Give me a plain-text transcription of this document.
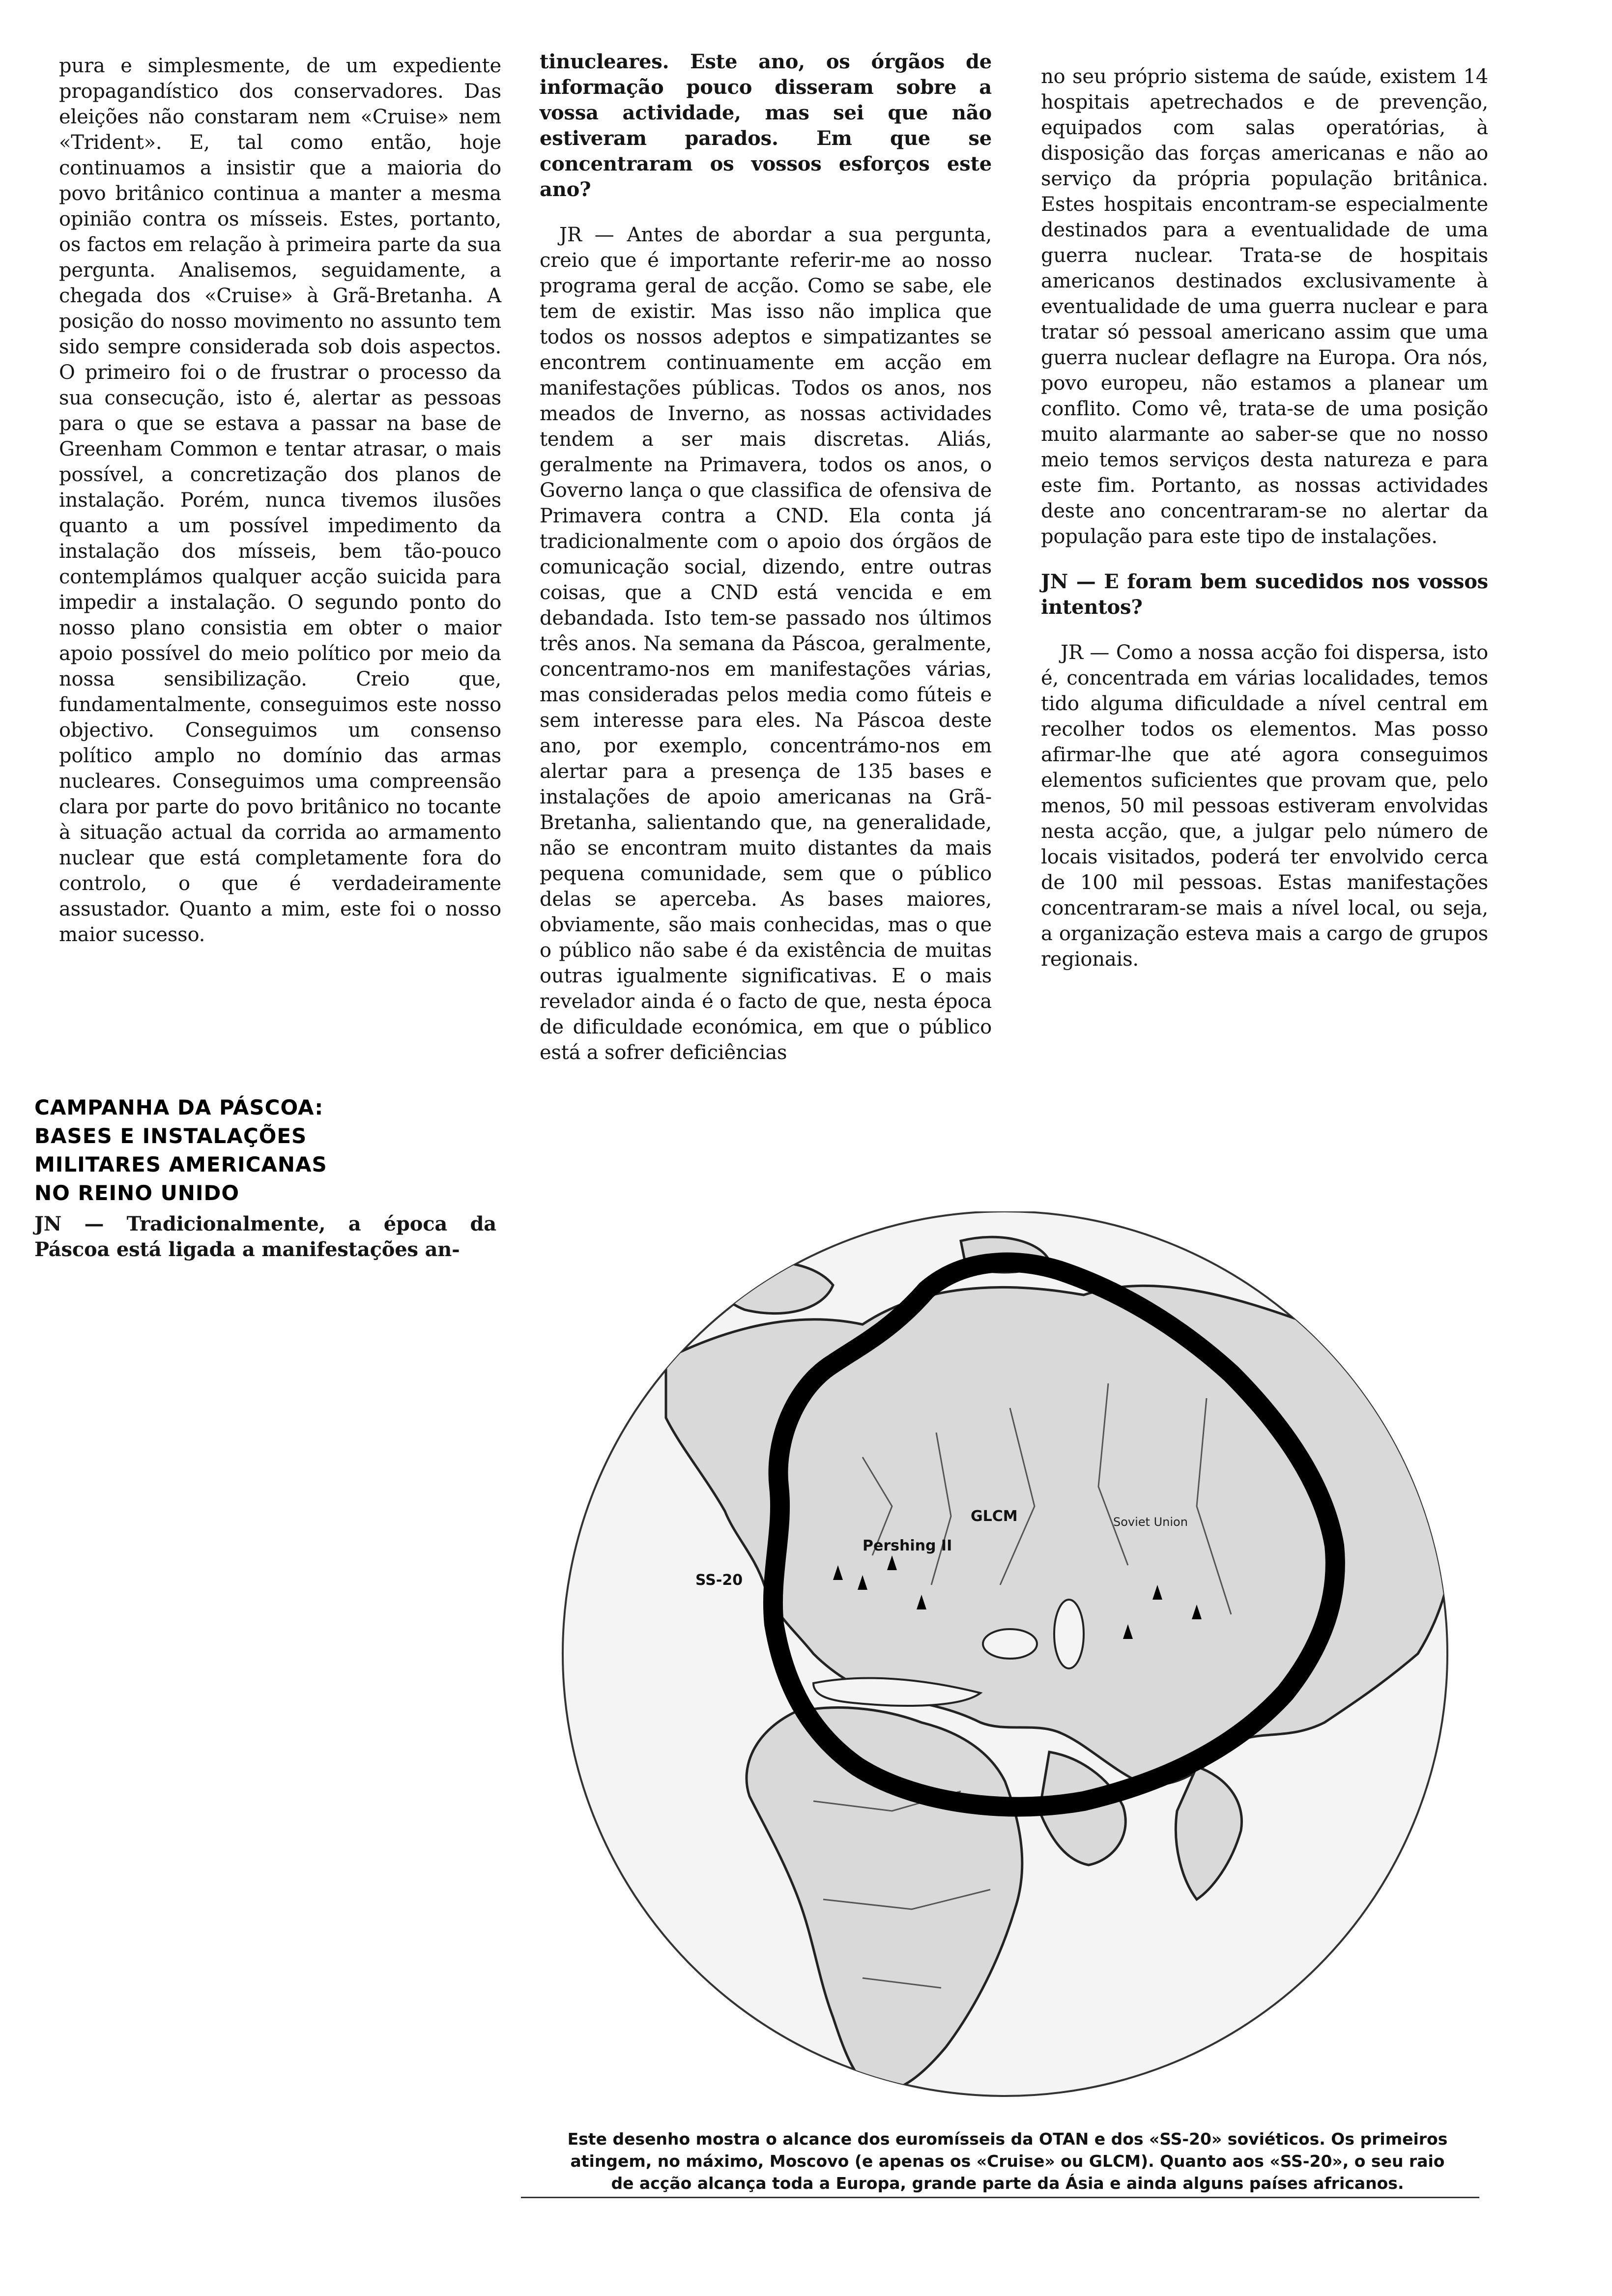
pura e simplesmente, de um expediente propagandístico dos conservadores. Das eleições não constaram nem «Cruise» nem «Trident». E, tal como então, hoje continuamos a insistir que a maioria do povo britânico continua a manter a mesma opinião contra os mísseis. Estes, portanto, os factos em relação à primeira parte da sua pergunta. Analisemos, seguidamente, a chegada dos «Cruise» à Grã-Bretanha. A posição do nosso movimento no assunto tem sido sempre considerada sob dois aspectos. O primeiro foi o de frustrar o processo da sua consecução, isto é, alertar as pessoas para o que se estava a passar na base de Greenham Common e tentar atrasar, o mais possível, a concretização dos planos de instalação. Porém, nunca tivemos ilusões quanto a um possível impedimento da instalação dos mísseis, bem tão-pouco contemplámos qualquer acção suicida para impedir a instalação. O segundo ponto do nosso plano consistia em obter o maior apoio possível do meio político por meio da nossa sensibilização. Creio que, fundamentalmente, conseguimos este nosso objectivo. Conseguimos um consenso político amplo no domínio das armas nucleares. Conseguimos uma compreensão clara por parte do povo britânico no tocante à situação actual da corrida ao armamento nuclear que está completamente fora do controlo, o que é verdadeiramente assustador. Quanto a mim, este foi o nosso maior sucesso.

CAMPANHA DA PÁSCOA:
BASES E INSTALAÇÕES
MILITARES AMERICANAS
NO REINO UNIDO

JN — Tradicionalmente, a época da Páscoa está ligada a manifestações an-

tinucleares. Este ano, os órgãos de informação pouco disseram sobre a vossa actividade, mas sei que não estiveram parados. Em que se concentraram os vossos esforços este ano?

JR — Antes de abordar a sua pergunta, creio que é importante referir-me ao nosso programa geral de acção. Como se sabe, ele tem de existir. Mas isso não implica que todos os nossos adeptos e simpatizantes se encontrem continuamente em acção em manifestações públicas. Todos os anos, nos meados de Inverno, as nossas actividades tendem a ser mais discretas. Aliás, geralmente na Primavera, todos os anos, o Governo lança o que classifica de ofensiva de Primavera contra a CND. Ela conta já tradicionalmente com o apoio dos órgãos de comunicação social, dizendo, entre outras coisas, que a CND está vencida e em debandada. Isto tem-se passado nos últimos três anos. Na semana da Páscoa, geralmente, concentramo-nos em manifestações várias, mas consideradas pelos media como fúteis e sem interesse para eles. Na Páscoa deste ano, por exemplo, concentrámo-nos em alertar para a presença de 135 bases e instalações de apoio americanas na Grã-Bretanha, salientando que, na generalidade, não se encontram muito distantes da mais pequena comunidade, sem que o público delas se aperceba. As bases maiores, obviamente, são mais conhecidas, mas o que o público não sabe é da existência de muitas outras igualmente significativas. E o mais revelador ainda é o facto de que, nesta época de dificuldade económica, em que o público está a sofrer deficiências

no seu próprio sistema de saúde, existem 14 hospitais apetrechados e de prevenção, equipados com salas operatórias, à disposição das forças americanas e não ao serviço da própria população britânica. Estes hospitais encontram-se especialmente destinados para a eventualidade de uma guerra nuclear. Trata-se de hospitais americanos destinados exclusivamente à eventualidade de uma guerra nuclear e para tratar só pessoal americano assim que uma guerra nuclear deflagre na Europa. Ora nós, povo europeu, não estamos a planear um conflito. Como vê, trata-se de uma posição muito alarmante ao saber-se que no nosso meio temos serviços desta natureza e para este fim. Portanto, as nossas actividades deste ano concentraram-se no alertar da população para este tipo de instalações.

JN — E foram bem sucedidos nos vossos intentos?

JR — Como a nossa acção foi dispersa, isto é, concentrada em várias localidades, temos tido alguma dificuldade a nível central em recolher todos os elementos. Mas posso afirmar-lhe que até agora conseguimos elementos suficientes que provam que, pelo menos, 50 mil pessoas estiveram envolvidas nesta acção, que, a julgar pelo número de locais visitados, poderá ter envolvido cerca de 100 mil pessoas. Estas manifestações concentraram-se mais a nível local, ou seja, a organização esteva mais a cargo de grupos regionais.

SS-20
GLCM
Pershing II
Soviet Union
Este desenho mostra o alcance dos euromísseis da OTAN e dos «SS-20» soviéticos. Os primeiros atingem, no máximo, Moscovo (e apenas os «Cruise» ou GLCM). Quanto aos «SS-20», o seu raio de acção alcança toda a Europa, grande parte da Ásia e ainda alguns países africanos.
